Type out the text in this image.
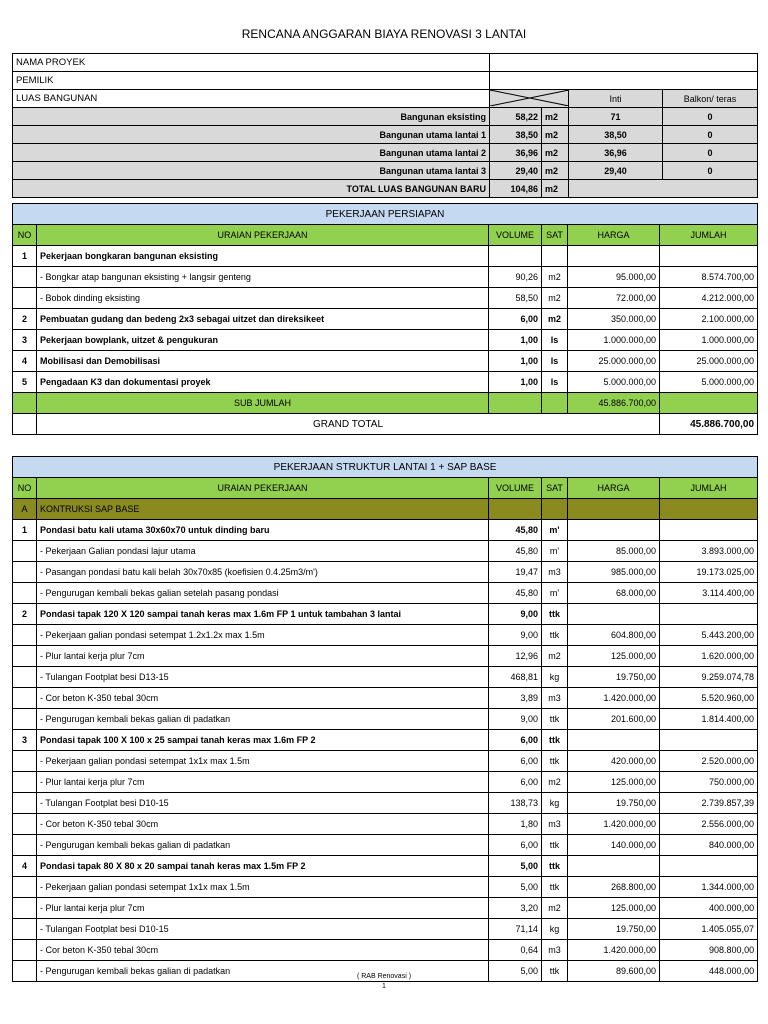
RENCANA ANGGARAN BIAYA RENOVASI 3 LANTAI
NAMA PROYEK				
PEMILIK				
LUAS BANGUNAN			Inti	Balkon/ teras
Bangunan eksisting	58,22	m2	71	0
Bangunan utama lantai 1	38,50	m2	38,50	0
Bangunan utama lantai 2	36,96	m2	36,96	0
Bangunan utama lantai 3	29,40	m2	29,40	0
TOTAL LUAS BANGUNAN BARU	104,86	m2		
PEKERJAAN PERSIAPAN					
NO	URAIAN PEKERJAAN	VOLUME	SAT	HARGA	JUMLAH
1	Pekerjaan bongkaran bangunan eksisting				
	- Bongkar atap bangunan eksisting + langsir genteng	90,26	m2	95.000,00	8.574.700,00
	- Bobok dinding eksisting	58,50	m2	72.000,00	4.212.000,00
2	Pembuatan gudang dan bedeng 2x3 sebagai uitzet dan direksikeet	6,00	m2	350.000,00	2.100.000,00
3	Pekerjaan bowplank, uitzet & pengukuran	1,00	ls	1.000.000,00	1.000.000,00
4	Mobilisasi dan Demobilisasi	1,00	ls	25.000.000,00	25.000.000,00
5	Pengadaan K3 dan dokumentasi proyek	1,00	ls	5.000.000,00	5.000.000,00
	SUB JUMLAH			45.886.700,00	
	GRAND TOTAL				45.886.700,00
PEKERJAAN STRUKTUR LANTAI 1 + SAP BASE					
NO	URAIAN PEKERJAAN	VOLUME	SAT	HARGA	JUMLAH
A	KONTRUKSI SAP BASE				
1	Pondasi batu kali utama 30x60x70 untuk dinding baru	45,80	m'		
	- Pekerjaan Galian pondasi lajur utama	45,80	m'	85.000,00	3.893.000,00
	- Pasangan pondasi batu kali belah 30x70x85 (koefisien 0.4.25m3/m')	19,47	m3	985.000,00	19.173.025,00
	- Pengurugan kembali bekas galian setelah pasang pondasi	45,80	m'	68.000,00	3.114.400,00
2	Pondasi tapak 120 X 120 sampai tanah keras max 1.6m FP 1 untuk tambahan 3 lantai	9,00	ttk		
	- Pekerjaan galian pondasi setempat 1.2x1.2x max 1.5m	9,00	ttk	604.800,00	5.443.200,00
	- Plur lantai kerja plur 7cm	12,96	m2	125.000,00	1.620.000,00
	- Tulangan Footplat besi D13-15	468,81	kg	19.750,00	9.259.074,78
	- Cor beton K-350 tebal 30cm	3,89	m3	1.420.000,00	5.520.960,00
	- Pengurugan kembali bekas galian di padatkan	9,00	ttk	201.600,00	1.814.400,00
3	Pondasi tapak 100 X 100 x 25 sampai tanah keras max 1.6m FP 2	6,00	ttk		
	- Pekerjaan galian pondasi setempat 1x1x max 1.5m	6,00	ttk	420.000,00	2.520.000,00
	- Plur lantai kerja plur 7cm	6,00	m2	125.000,00	750.000,00
	- Tulangan Footplat besi D10-15	138,73	kg	19.750,00	2.739.857,39
	- Cor beton K-350 tebal 30cm	1,80	m3	1.420.000,00	2.556.000,00
	- Pengurugan kembali bekas galian di padatkan	6,00	ttk	140.000,00	840.000,00
4	Pondasi tapak 80 X 80 x 20 sampai tanah keras max 1.5m FP 2	5,00	ttk		
	- Pekerjaan galian pondasi setempat 1x1x max 1.5m	5,00	ttk	268.800,00	1.344.000,00
	- Plur lantai kerja plur 7cm	3,20	m2	125.000,00	400.000,00
	- Tulangan Footplat besi D10-15	71,14	kg	19.750,00	1.405.055,07
	- Cor beton K-350 tebal 30cm	0,64	m3	1.420.000,00	908.800,00
	- Pengurugan kembali bekas galian di padatkan	5,00	ttk	89.600,00	448.000,00
( RAB Renovasi )
1
